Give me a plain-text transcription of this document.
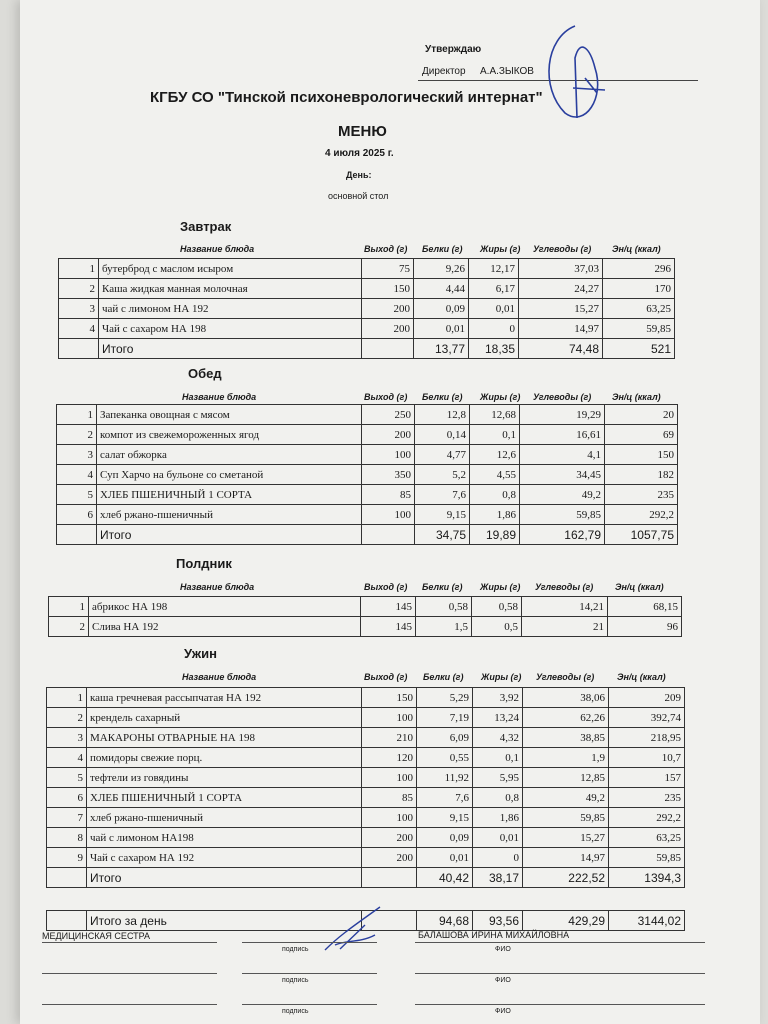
Утверждаю
Директор А.А.ЗЫКОВ
КГБУ СО "Тинской психоневрологический интернат"
МЕНЮ
4 июля 2025 г.
День:
основной стол
Завтрак
Название блюда	Выход (г) Белки (г) Жиры (г) Углеводы (г) Эн/ц (ккал)
1	бутерброд с маслом исыром	75	9,26	12,17	37,03	296
2	Каша жидкая манная молочная	150	4,44	6,17	24,27	170
3	чай с лимоном НА 192	200	0,09	0,01	15,27	63,25
4	Чай с сахаром НА 198	200	0,01	0	14,97	59,85
	Итого		13,77	18,35	74,48	521
Обед
Название блюда	Выход (г) Белки (г) Жиры (г) Углеводы (г) Эн/ц (ккал)
1	Запеканка овощная с мясом	250	12,8	12,68	19,29	20
2	компот из свежемороженных ягод	200	0,14	0,1	16,61	69
3	салат обжорка	100	4,77	12,6	4,1	150
4	Суп Харчо на бульоне со сметаной	350	5,2	4,55	34,45	182
5	ХЛЕБ ПШЕНИЧНЫЙ 1 СОРТА	85	7,6	0,8	49,2	235
6	хлеб ржано-пшеничный	100	9,15	1,86	59,85	292,2
	Итого		34,75	19,89	162,79	1057,75
Полдник
Название блюда	Выход (г) Белки (г) Жиры (г) Углеводы (г) Эн/ц (ккал)
1	абрикос НА 198	145	0,58	0,58	14,21	68,15
2	Слива НА 192	145	1,5	0,5	21	96
Ужин
Название блюда	Выход (г) Белки (г) Жиры (г) Углеводы (г)	Эн/ц (ккал)
1	каша гречневая рассыпчатая НА 192	150	5,29	3,92	38,06	209
2	крендель сахарный	100	7,19	13,24	62,26	392,74
3	МАКАРОНЫ ОТВАРНЫЕ НА 198	210	6,09	4,32	38,85	218,95
4	помидоры свежие порц.	120	0,55	0,1	1,9	10,7
5	тефтели из говядины	100	11,92	5,95	12,85	157
6	ХЛЕБ ПШЕНИЧНЫЙ 1 СОРТА	85	7,6	0,8	49,2	235
7	хлеб ржано-пшеничный	100	9,15	1,86	59,85	292,2
8	чай с лимоном НА198	200	0,09	0,01	15,27	63,25
9	Чай с сахаром НА 192	200	0,01	0	14,97	59,85
	Итого		40,42	38,17	222,52	1394,3
	Итого за день		94,68	93,56	429,29	3144,02
МЕДИЦИНСКАЯ СЕСТРА	БАЛАШОВА ИРИНА МИХАЙЛОВНА
подпись	ФИО
подпись	ФИО
подпись	ФИО
